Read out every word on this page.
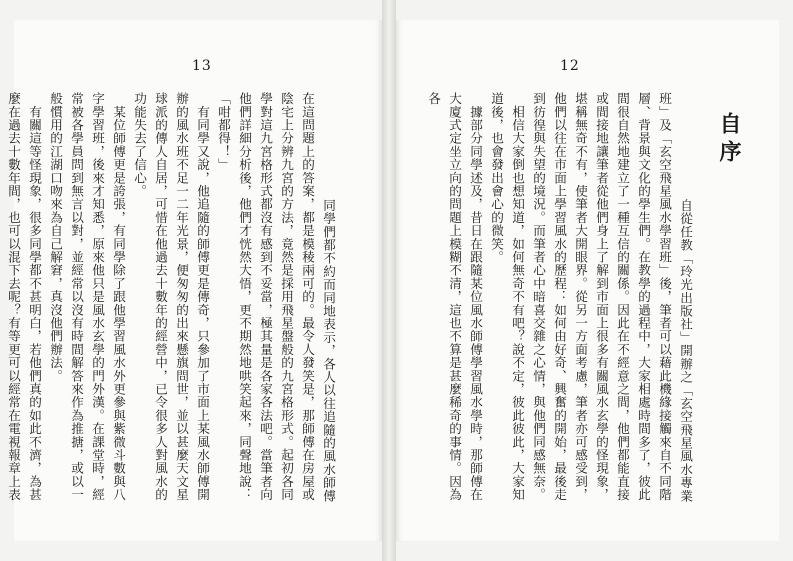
13

　同學們都不約而同地表示，各人以往追隨的風水師傅在這問題上的答案，都是模稜兩可的。最令人發笑是，那師傅在房屋或陰宅上分辨九宮的方法，竟然是採用飛星盤般的九宮格形式。起初各同學對這九宮格形式都沒有感到不妥當，極其量是各家各法吧。當筆者向他們詳細分析後，他們才恍然大悟，更不期然地哄笑起來，同聲地說：「咁都得！」　有同學又說，他追隨的師傅更是傳奇，只參加了市面上某風水師傅開辦的風水班不足一二年光景，便匆匆的出來懸旗問世，並以甚麼天文星球派的傳人自居，可惜在他過去十數年的經營中，已令很多人對風水的功能失去了信心。　某位師傅更是誇張，有同學除了跟他學習風水外更參與紫微斗數與八字學習班，後來才知悉，原來他只是風水玄學的門外漢。在課堂時，經常被各學員問到無言以對，並經常以沒有時間解答來作為推搪，或以一般慣用的江湖口吻來為自己解窘，真沒他們辦法。　有關這等怪現象，很多同學都不甚明白，若他們真的如此不濟，為甚麼在過去十數年間，也可以混下去呢？有等更可以經常在電視報章上表

12
自序

　自從任教「玲光出版社」開辦之「玄空飛星風水專業班」及「玄空飛星風水學習班」後，筆者可以藉此機緣接觸來自不同階層、背景與文化的學生們。在教學的過程中，大家相處時間多了，彼此間很自然地建立了一種互信的關係。因此在不經意之間，他們都能直接或間接地讓筆者從他們身上了解到市面上很多有關風水玄學的怪現象，堪稱無奇不有，使筆者大開眼界。從另一方面考慮，筆者亦可感受到，他們以往在市面上學習風水的歷程：如何由好奇、興奮的開始，最後走到彷徨與失望的境況。而筆者心中暗喜交雜之心情，與他們同感無奈。　相信大家倒也想知道，如何無奇不有吧？說不定，彼此彼此，大家知道後，也會發出會心的微笑。　據部分同學述及，昔日在跟隨某位風水師傅學習風水學時，那師傅在大廈式定坐立向的問題上模糊不清，這也不算是甚麼稀奇的事情。因為各
